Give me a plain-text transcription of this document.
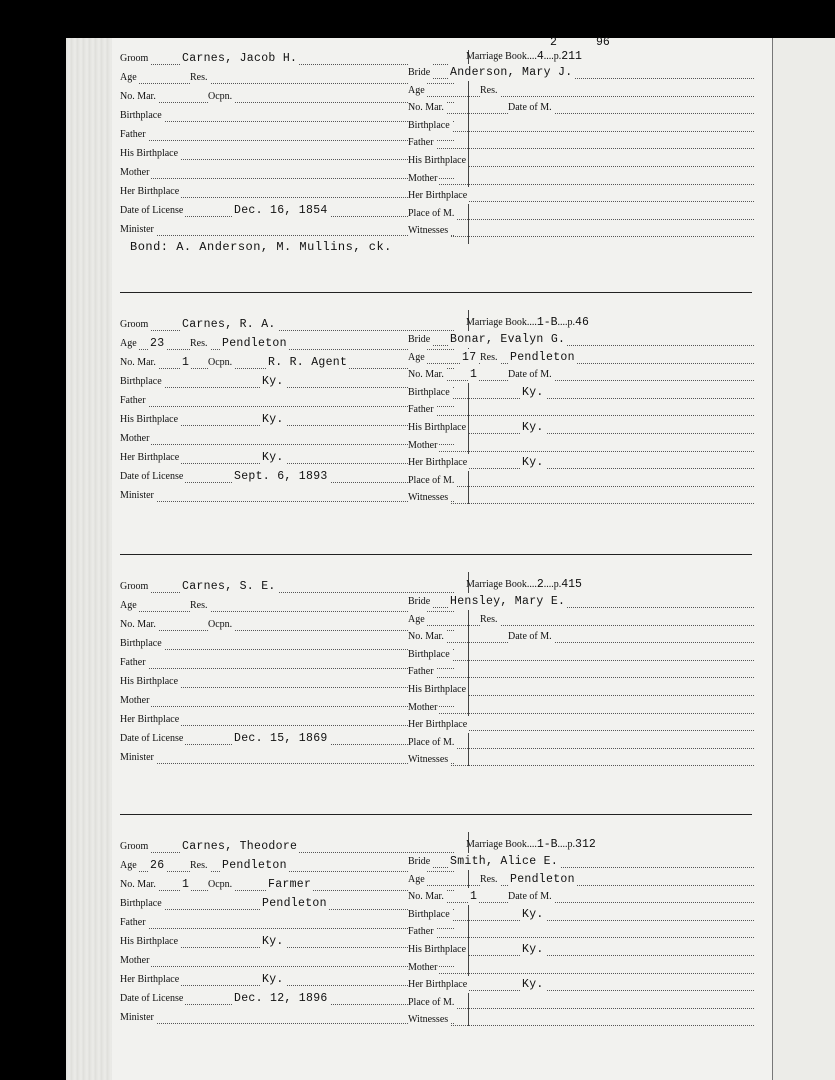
Marriage Book....4....p.211
Groom	Carnes, Jacob H.
Age	Res.
No. Mar.	Ocpn.
Birthplace
Father
His Birthplace
Mother
Her Birthplace
Date of License	Dec. 16, 1854
Minister
Bride Anderson, Mary J.
Age	Res.
No. Mar.	Date of M.
Birthplace
Father
His Birthplace
Mother
Her Birthplace
Place of M.
Witnesses
2	96
Bond: A. Anderson, M. Mullins, ck.
Marriage Book....1-B....p.46
Groom	Carnes, R. A.
Age 23	Res. Pendleton
No. Mar. 1 Ocpn.	R. R. Agent
Birthplace	Ky.
Father
His Birthplace	Ky.
Mother
Her Birthplace	Ky.
Date of License	Sept. 6, 1893
Minister
Bride Bonar, Evalyn G.
Age	17 Res. Pendleton
No. Mar. 1	Date of M.
Birthplace	Ky.
Father
His Birthplace	Ky.
Mother
Her Birthplace	Ky.
Place of M.
Witnesses
Marriage Book....2....p.415
Groom	Carnes, S. E.
Age	Res.
No. Mar.	Ocpn.
Birthplace
Father
His Birthplace
Mother
Her Birthplace
Date of License	Dec. 15, 1869
Minister
Bride Hensley, Mary E.
Age	Res.
No. Mar.	Date of M.
Birthplace
Father
His Birthplace
Mother
Her Birthplace
Place of M.
Witnesses
Marriage Book....1-B....p.312
Groom	Carnes, Theodore
Age 26	Res. Pendleton
No. Mar. 1 Ocpn.	Farmer
Birthplace	Pendleton
Father
His Birthplace	Ky.
Mother
Her Birthplace	Ky.
Date of License	Dec. 12, 1896
Minister
Bride Smith, Alice E.
Age	Res. Pendleton
No. Mar. 1	Date of M.
Birthplace	Ky.
Father
His Birthplace	Ky.
Mother
Her Birthplace	Ky.
Place of M.
Witnesses
